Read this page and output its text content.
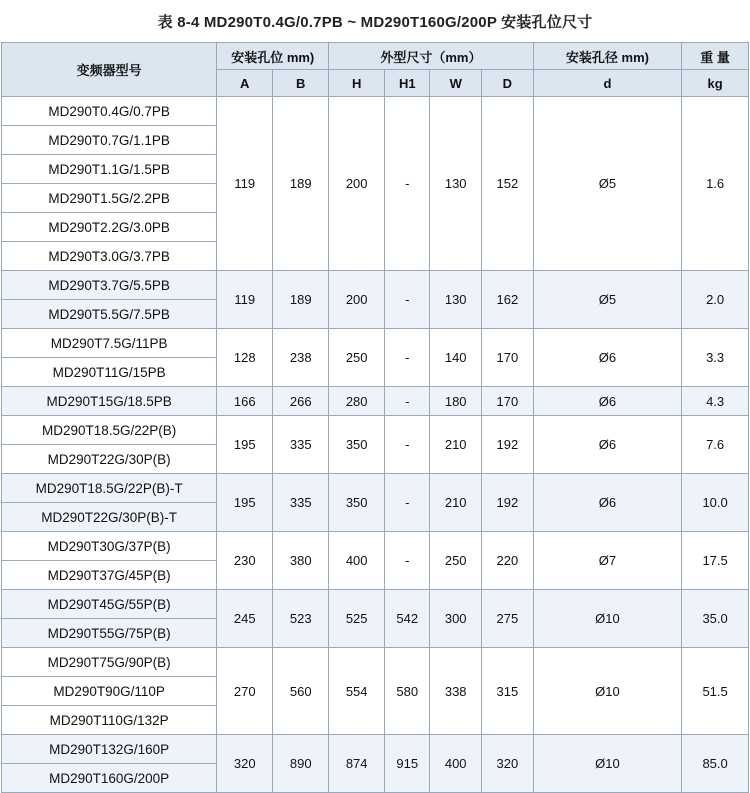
表 8-4 MD290T0.4G/0.7PB ~ MD290T160G/200P 安装孔位尺寸
变频器型号	安装孔位 mm)		外型尺寸（mm）				安装孔径 mm)	重 量
	A	B	H	H1	W	D	d	kg
MD290T0.4G/0.7PB	119	189	200	-	130	152	Ø5	1.6
MD290T0.7G/1.1PB								
MD290T1.1G/1.5PB								
MD290T1.5G/2.2PB								
MD290T2.2G/3.0PB								
MD290T3.0G/3.7PB								
MD290T3.7G/5.5PB	119	189	200	-	130	162	Ø5	2.0
MD290T5.5G/7.5PB								
MD290T7.5G/11PB	128	238	250	-	140	170	Ø6	3.3
MD290T11G/15PB								
MD290T15G/18.5PB	166	266	280	-	180	170	Ø6	4.3
MD290T18.5G/22P(B)	195	335	350	-	210	192	Ø6	7.6
MD290T22G/30P(B)								
MD290T18.5G/22P(B)-T	195	335	350	-	210	192	Ø6	10.0
MD290T22G/30P(B)-T								
MD290T30G/37P(B)	230	380	400	-	250	220	Ø7	17.5
MD290T37G/45P(B)								
MD290T45G/55P(B)	245	523	525	542	300	275	Ø10	35.0
MD290T55G/75P(B)								
MD290T75G/90P(B)	270	560	554	580	338	315	Ø10	51.5
MD290T90G/110P								
MD290T110G/132P								
MD290T132G/160P	320	890	874	915	400	320	Ø10	85.0
MD290T160G/200P								
